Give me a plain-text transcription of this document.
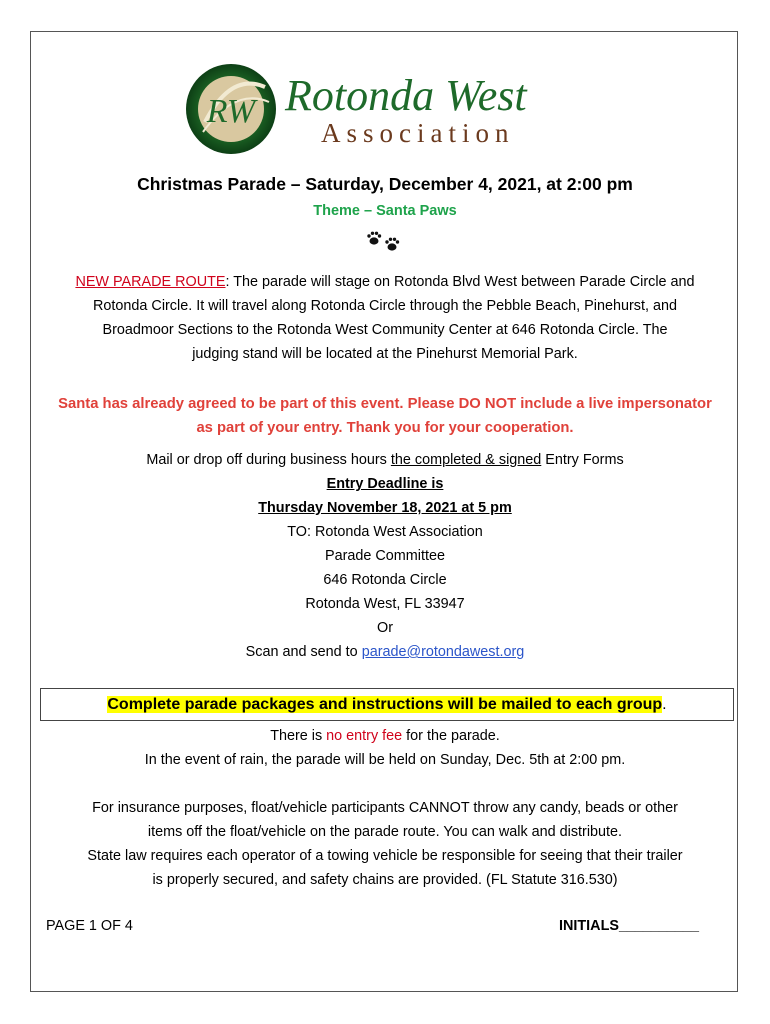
RW Rotonda West
Association
Christmas Parade – Saturday, December 4, 2021, at 2:00 pm
Theme – Santa Paws
NEW PARADE ROUTE: The parade will stage on Rotonda Blvd West between Parade Circle and
Rotonda Circle. It will travel along Rotonda Circle through the Pebble Beach, Pinehurst, and
Broadmoor Sections to the Rotonda West Community Center at 646 Rotonda Circle. The
judging stand will be located at the Pinehurst Memorial Park.
Santa has already agreed to be part of this event. Please DO NOT include a live impersonator
as part of your entry. Thank you for your cooperation.
Mail or drop off during business hours the completed & signed Entry Forms
Entry Deadline is
Thursday November 18, 2021 at 5 pm
TO: Rotonda West Association
Parade Committee
646 Rotonda Circle
Rotonda West, FL 33947
Or
Scan and send to parade@rotondawest.org
Complete parade packages and instructions will be mailed to each group.
There is no entry fee for the parade.
In the event of rain, the parade will be held on Sunday, Dec. 5th at 2:00 pm.
For insurance purposes, float/vehicle participants CANNOT throw any candy, beads or other
items off the float/vehicle on the parade route. You can walk and distribute.
State law requires each operator of a towing vehicle be responsible for seeing that their trailer
is properly secured, and safety chains are provided. (FL Statute 316.530)
PAGE 1 OF 4	INITIALS__________
